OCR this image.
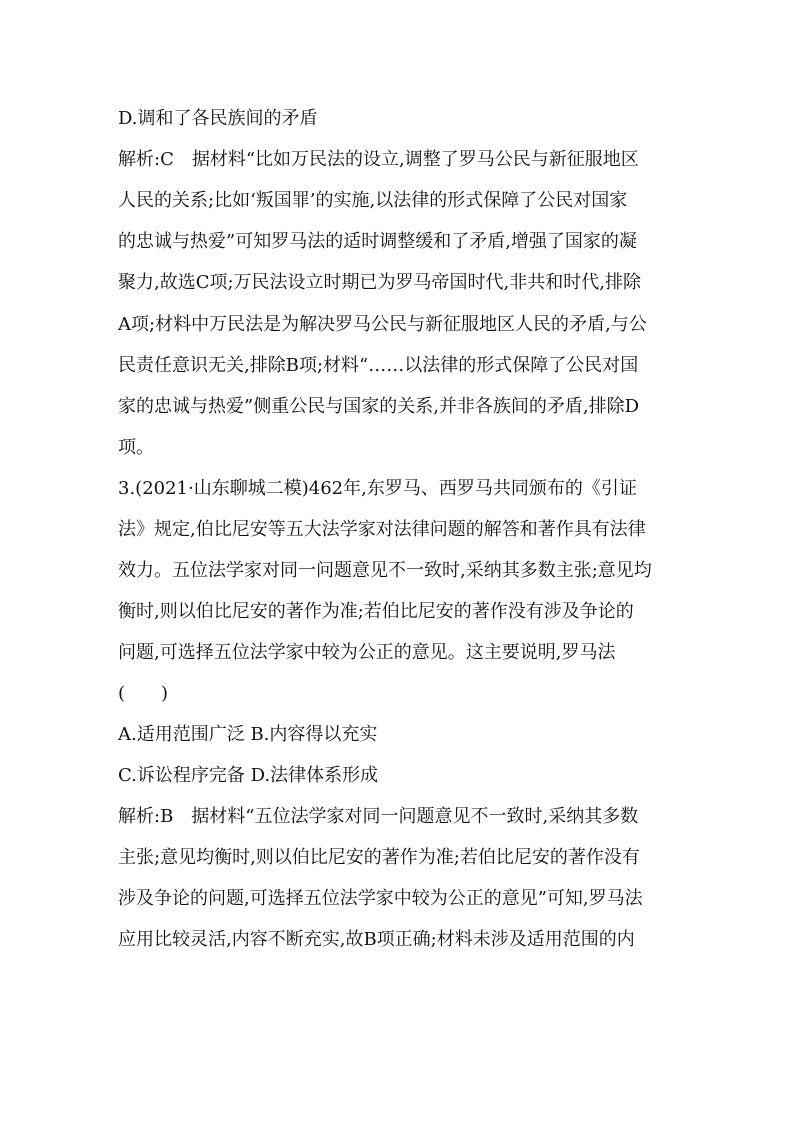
D.调和了各民族间的矛盾
解析:C　据材料“比如万民法的设立,调整了罗马公民与新征服地区
人民的关系;比如‘叛国罪’的实施,以法律的形式保障了公民对国家
的忠诚与热爱”可知罗马法的适时调整缓和了矛盾,增强了国家的凝
聚力,故选C项;万民法设立时期已为罗马帝国时代,非共和时代,排除
A项;材料中万民法是为解决罗马公民与新征服地区人民的矛盾,与公
民责任意识无关,排除B项;材料“……以法律的形式保障了公民对国
家的忠诚与热爱”侧重公民与国家的关系,并非各族间的矛盾,排除D
项。
3.(2021·山东聊城二模)462年,东罗马、西罗马共同颁布的《引证
法》规定,伯比尼安等五大法学家对法律问题的解答和著作具有法律
效力。五位法学家对同一问题意见不一致时,采纳其多数主张;意见均
衡时,则以伯比尼安的著作为准;若伯比尼安的著作没有涉及争论的
问题,可选择五位法学家中较为公正的意见。这主要说明,罗马法
(　　)
A.适用范围广泛 B.内容得以充实
C.诉讼程序完备 D.法律体系形成
解析:B　据材料“五位法学家对同一问题意见不一致时,采纳其多数
主张;意见均衡时,则以伯比尼安的著作为准;若伯比尼安的著作没有
涉及争论的问题,可选择五位法学家中较为公正的意见”可知,罗马法
应用比较灵活,内容不断充实,故B项正确;材料未涉及适用范围的内
